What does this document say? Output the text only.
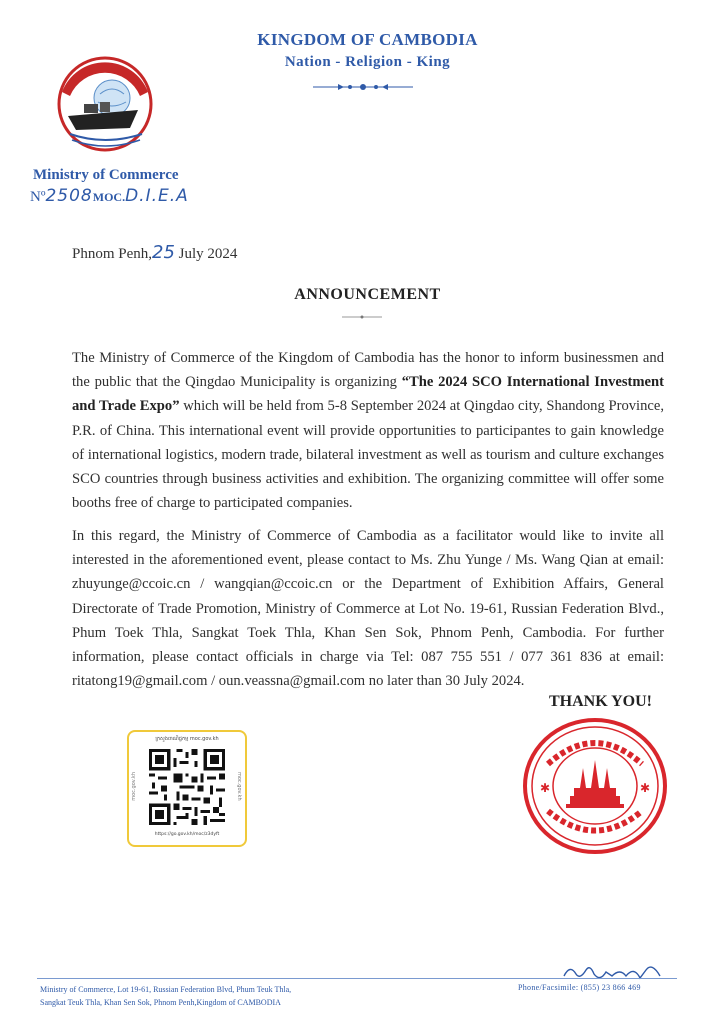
KINGDOM OF CAMBODIA
Nation - Religion - King
Ministry of Commerce
Nº2508MOC.D.I.E.A
Phnom Penh,25 July 2024
ANNOUNCEMENT
The Ministry of Commerce of the Kingdom of Cambodia has the honor to inform businessmen and the public that the Qingdao Municipality is organizing “The 2024 SCO International Investment and Trade Expo” which will be held from 5-8 September 2024 at Qingdao city, Shandong Province, P.R. of China. This international event will provide opportunities to participantes to gain knowledge of international logistics, modern trade, bilateral investment as well as tourism and culture exchanges SCO countries through business activities and exhibition. The organizing committee will offer some booths free of charge to participated companies.
In this regard, the Ministry of Commerce of Cambodia as a facilitator would like to invite all interested in the aforementioned event, please contact to Ms. Zhu Yunge / Ms. Wang Qian at email: zhuyunge@ccoic.cn / wangqian@ccoic.cn or the Department of Exhibition Affairs, General Directorate of Trade Promotion, Ministry of Commerce at Lot No. 19-61, Russian Federation Blvd., Phum Toek Thla, Sangkat Toek Thla, Khan Sen Sok, Phnom Penh, Cambodia. For further information, please contact officials in charge via Tel: 087 755 551 / 077 361 836 at email: ritatong19@gmail.com / oun.veassna@gmail.com no later than 30 July 2024.
THANK YOU!
ក្រសួងពាណិជ្ជកម្ម moc.gov.kh
moc.gov.kh	moc.gov.kh
https://go.gov.kh/moc/z3dyft
✱	✱
Ministry of Commerce, Lot 19-61, Russian Federation Blvd, Phum Teuk Thla,
Sangkat Teuk Thla, Khan Sen Sok, Phnom Penh,Kingdom of CAMBODIA
Phone/Facsimile: (855) 23 866 469
